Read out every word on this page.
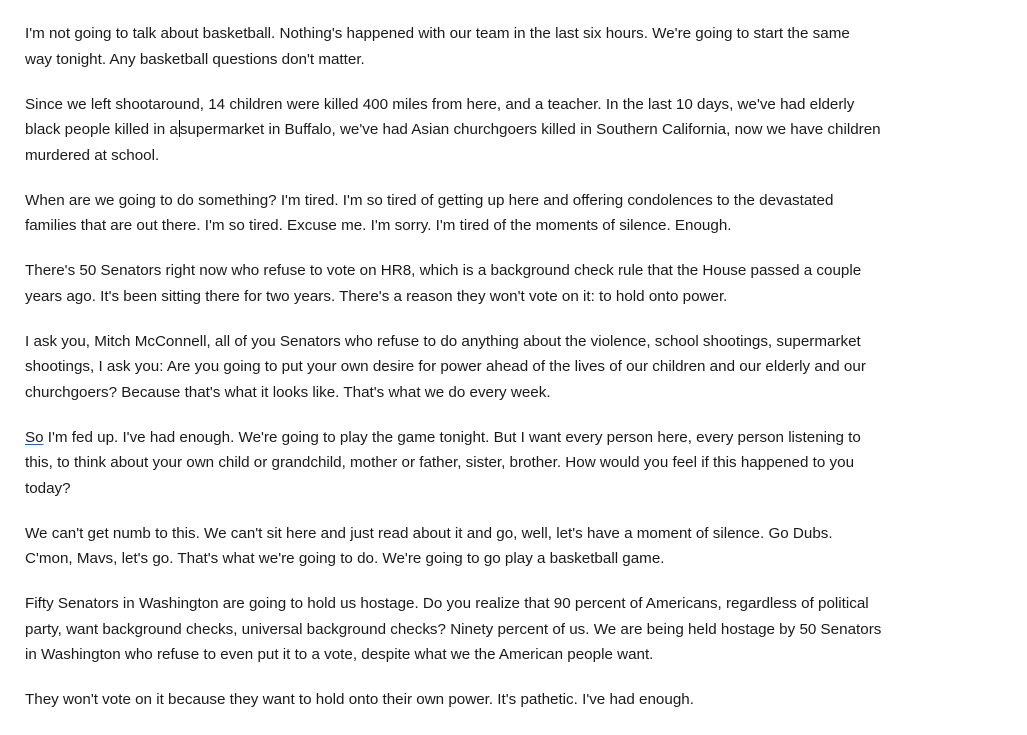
I'm not going to talk about basketball. Nothing's happened with our team in the last six hours. We're going to start the same
way tonight. Any basketball questions don't matter.

Since we left shootaround, 14 children were killed 400 miles from here, and a teacher. In the last 10 days, we've had elderly
black people killed in a supermarket in Buffalo, we've had Asian churchgoers killed in Southern California, now we have children
murdered at school.

When are we going to do something? I'm tired. I'm so tired of getting up here and offering condolences to the devastated
families that are out there. I'm so tired. Excuse me. I'm sorry. I'm tired of the moments of silence. Enough.

There's 50 Senators right now who refuse to vote on HR8, which is a background check rule that the House passed a couple
years ago. It's been sitting there for two years. There's a reason they won't vote on it: to hold onto power.

I ask you, Mitch McConnell, all of you Senators who refuse to do anything about the violence, school shootings, supermarket
shootings, I ask you: Are you going to put your own desire for power ahead of the lives of our children and our elderly and our
churchgoers? Because that's what it looks like. That's what we do every week.

So I'm fed up. I've had enough. We're going to play the game tonight. But I want every person here, every person listening to
this, to think about your own child or grandchild, mother or father, sister, brother. How would you feel if this happened to you
today?

We can't get numb to this. We can't sit here and just read about it and go, well, let's have a moment of silence. Go Dubs.
C'mon, Mavs, let's go. That's what we're going to do. We're going to go play a basketball game.

Fifty Senators in Washington are going to hold us hostage. Do you realize that 90 percent of Americans, regardless of political
party, want background checks, universal background checks? Ninety percent of us. We are being held hostage by 50 Senators
in Washington who refuse to even put it to a vote, despite what we the American people want.

They won't vote on it because they want to hold onto their own power. It's pathetic. I've had enough.
